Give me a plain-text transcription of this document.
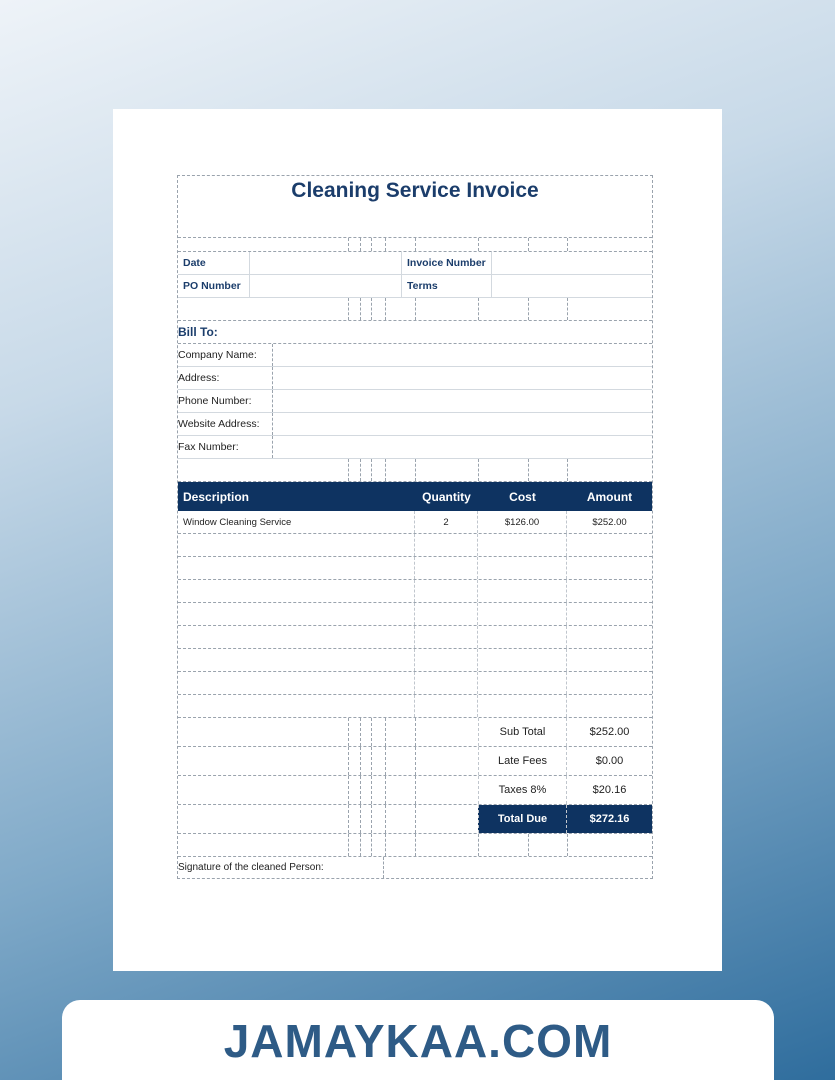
Cleaning Service Invoice
Date	Invoice Number
PO Number	Terms
Bill To:
Company Name:
Address:
Phone Number:
Website Address:
Fax Number:
Description	Quantity	Cost	Amount
Window Cleaning Service	2	$126.00	$252.00
Sub Total	$252.00
Late Fees	$0.00
Taxes 8%	$20.16
Total Due	$272.16
Signature of the cleaned Person:
JAMAYKAA.COM
